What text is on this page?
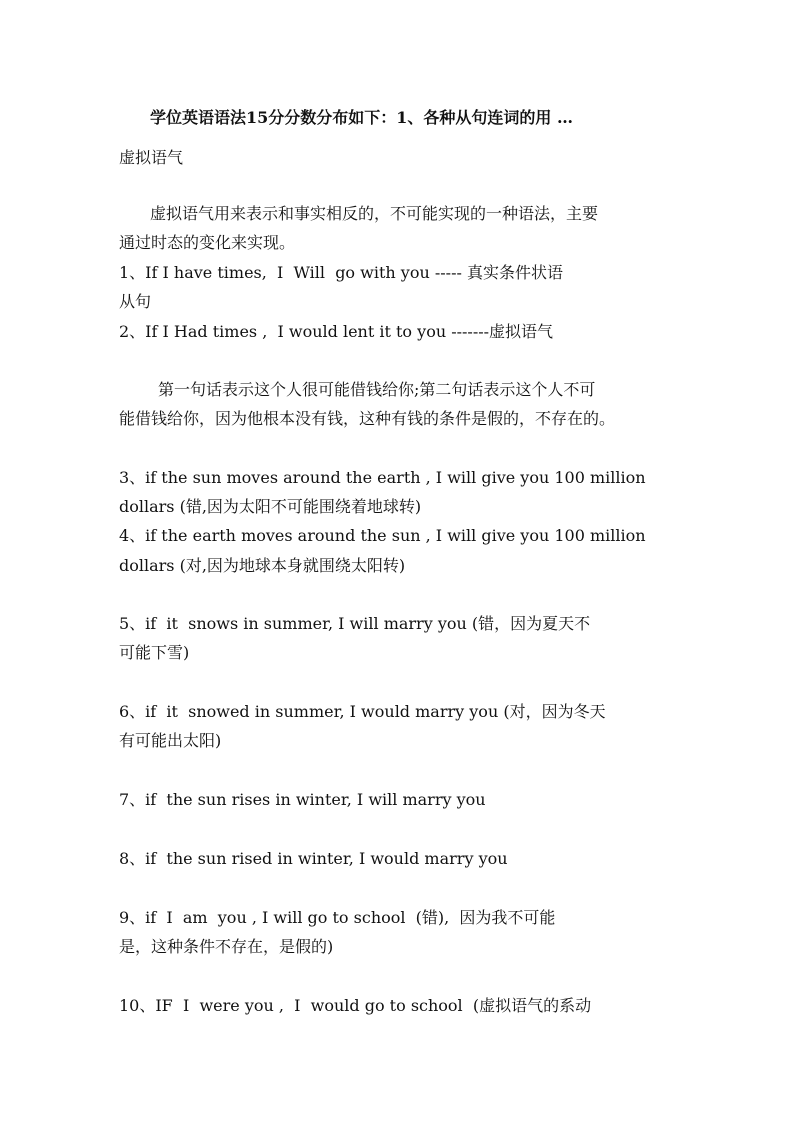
学位英语语法15分分数分布如下：1、各种从句连词的用 …
虚拟语气
虚拟语气用来表示和事实相反的，不可能实现的一种语法，主要
通过时态的变化来实现。
1、If I have times,  I  Will  go with you ----- 真实条件状语
从句
2、If I Had times ,  I would lent it to you -------虚拟语气
第一句话表示这个人很可能借钱给你;第二句话表示这个人不可
能借钱给你，因为他根本没有钱，这种有钱的条件是假的，不存在的。
3、if the sun moves around the earth , I will give you 100 million
dollars (错,因为太阳不可能围绕着地球转)
4、if the earth moves around the sun , I will give you 100 million
dollars (对,因为地球本身就围绕太阳转)
5、if  it  snows in summer, I will marry you (错，因为夏天不
可能下雪)
6、if  it  snowed in summer, I would marry you (对，因为冬天
有可能出太阳)
7、if  the sun rises in winter, I will marry you
8、if  the sun rised in winter, I would marry you
9、if  I  am  you , I will go to school  (错),  因为我不可能
是，这种条件不存在，是假的)
10、IF  I  were you ,  I  would go to school  (虚拟语气的系动
